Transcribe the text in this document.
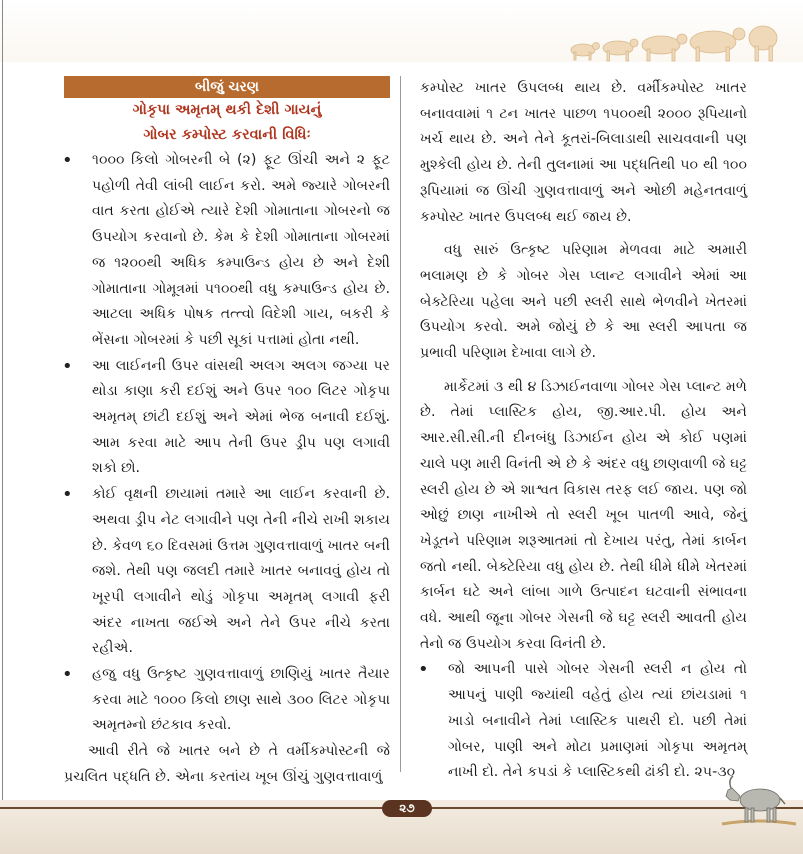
બીજું ચરણ
ગોકૃપા અમૃતમ્ થકી દેશી ગાયનું
ગોબર કમ્પોસ્ટ કરવાની વિધિઃ
• ૧૦૦૦ કિલો ગોબરની બે (૨) ફૂટ ઊંચી અને ૨ ફૂટ પહોળી તેવી લાંબી લાઈન કરો. અમે જ્યારે ગોબરની વાત કરતા હોઈએ ત્યારે દેશી ગોમાતાના ગોબરનો જ ઉપયોગ કરવાનો છે. કેમ કે દેશી ગોમાતાના ગોબરમાં જ ૧૨૦૦થી અધિક કમ્પાઉન્ડ હોય છે અને દેશી ગોમાતાના ગોમૂત્રમાં ૫૧૦૦થી વધુ કમ્પાઉન્ડ હોય છે. આટલા અધિક પોષક તત્ત્વો વિદેશી ગાય, બકરી કે ભેંસના ગોબરમાં કે પછી સૂકાં પત્તામાં હોતા નથી.
• આ લાઈનની ઉપર વાંસથી અલગ અલગ જગ્યા પર થોડા કાણા કરી દઈશું અને ઉપર ૧૦૦ લિટર ગોકૃપા અમૃતમ્ છાંટી દઈશું અને એમાં ભેજ બનાવી દઈશું. આમ કરવા માટે આપ તેની ઉપર ડ્રીપ પણ લગાવી શકો છો.
• કોઈ વૃક્ષની છાયામાં તમારે આ લાઈન કરવાની છે. અથવા ડ્રીપ નેટ લગાવીને પણ તેની નીચે રાખી શકાય છે. કેવળ ૬૦ દિવસમાં ઉત્તમ ગુણવત્તાવાળું ખાતર બની જશે. તેથી પણ જલદી તમારે ખાતર બનાવવું હોય તો ખૂરપી લગાવીને થોડું ગોકૃપા અમૃતમ્ લગાવી ફરી અંદર નાખતા જઈએ અને તેને ઉપર નીચે કરતા રહીએ.
• હજુ વધુ ઉત્કૃષ્ટ ગુણવત્તાવાળું છાણિયું ખાતર તૈયાર કરવા માટે ૧૦૦૦ કિલો છાણ સાથે ૩૦૦ લિટર ગોકૃપા અમૃતમ્નો છંટકાવ કરવો.

આવી રીતે જે ખાતર બને છે તે વર્મીકમ્પોસ્ટની જે પ્રચલિત પદ્ધતિ છે. એના કરતાંય ખૂબ ઊંચું ગુણવત્તાવાળું

કમ્પોસ્ટ ખાતર ઉપલબ્ધ થાય છે. વર્મીકમ્પોસ્ટ ખાતર બનાવવામાં ૧ ટન ખાતર પાછળ ૧૫૦૦થી ૨૦૦૦ રૂપિયાનો ખર્ચ થાય છે. અને તેને કૂતરાં-બિલાડાથી સાચવવાની પણ મુશ્કેલી હોય છે. તેની તુલનામાં આ પદ્ધતિથી ૫૦ થી ૧૦૦ રૂપિયામાં જ ઊંચી ગુણવત્તાવાળું અને ઓછી મહેનતવાળું કમ્પોસ્ટ ખાતર ઉપલબ્ધ થઈ જાય છે.

વધુ સારું ઉત્કૃષ્ટ પરિણામ મેળવવા માટે અમારી ભલામણ છે કે ગોબર ગેસ પ્લાન્ટ લગાવીને એમાં આ બેક્ટેરિયા પહેલા અને પછી સ્લરી સાથે ભેળવીને ખેતરમાં ઉપયોગ કરવો. અમે જોયું છે કે આ સ્લરી આપતા જ પ્રભાવી પરિણામ દેખાવા લાગે છે.

માર્કેટમાં ૩ થી ૪ ડિઝાઈનવાળા ગોબર ગેસ પ્લાન્ટ મળે છે. તેમાં પ્લાસ્ટિક હોય, જી.આર.પી. હોય અને આર.સી.સી.ની દીનબંધુ ડિઝાઈન હોય એ કોઈ પણમાં ચાલે પણ મારી વિનંતી એ છે કે અંદર વધુ છાણવાળી જે ઘટ્ટ સ્લરી હોય છે એ શાશ્વત વિકાસ તરફ લઈ જાય. પણ જો ઓછું છાણ નાખીએ તો સ્લરી ખૂબ પાતળી આવે, જેનું ખેડૂતને પરિણામ શરૂઆતમાં તો દેખાય પરંતુ, તેમાં કાર્બન જતો નથી. બેક્ટેરિયા વધુ હોય છે. તેથી ધીમે ધીમે ખેતરમાં કાર્બન ઘટે અને લાંબા ગાળે ઉત્પાદન ઘટવાની સંભાવના વધે. આથી જૂના ગોબર ગેસની જે ઘટ્ટ સ્લરી આવતી હોય તેનો જ ઉપયોગ કરવા વિનંતી છે.

• જો આપની પાસે ગોબર ગેસની સ્લરી ન હોય તો આપનું પાણી જ્યાંથી વહેતું હોય ત્યાં છાંયડામાં ૧ ખાડો બનાવીને તેમાં પ્લાસ્ટિક પાથરી દો. પછી તેમાં ગોબર, પાણી અને મોટા પ્રમાણમાં ગોકૃપા અમૃતમ્ નાખી દો. તેને કપડાં કે પ્લાસ્ટિકથી ઢાંકી દો. ૨૫-૩૦
૨૭
